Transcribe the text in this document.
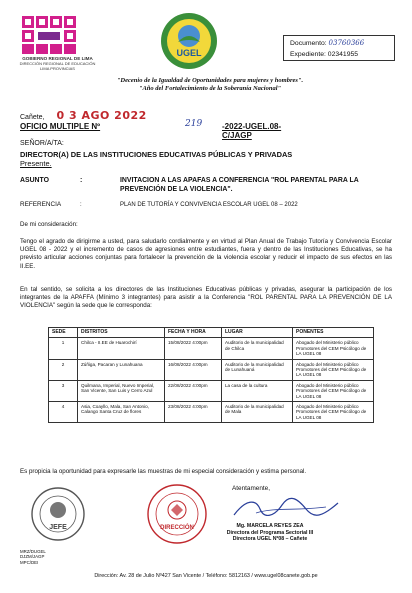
GOBIERNO REGIONAL DE LIMA
DIRECCIÓN REGIONAL DE EDUCACIÓN
LIMA PROVINCIAS
UGEL
Documento: 03760366
Expediente: 02341955
"Decenio de la Igualdad de Oportunidades para mujeres y hombres".
"Año del Fortalecimiento de la Soberanía Nacional"
Cañete, 0 3 AGO 2022
OFICIO MULTIPLE Nº	219 -2022-UGEL.08-C/JAGP
SEÑOR/A/TA:
DIRECTOR(A) DE LAS INSTITUCIONES EDUCATIVAS PÚBLICAS Y PRIVADAS
Presente.
ASUNTO	:	INVITACION A LAS APAFAS A CONFERENCIA "ROL PARENTAL PARA LA PREVENCIÓN DE LA VIOLENCIA".
REFERENCIA	:	PLAN DE TUTORÍA Y CONVIVENCIA ESCOLAR UGEL 08 – 2022
De mi consideración:
Tengo el agrado de dirigirme a usted, para saludarlo cordialmente y en virtud al Plan Anual de Trabajo Tutoría y Convivencia Escolar UGEL 08 - 2022 y el incremento de casos de agresiones entre estudiantes, fuera y dentro de las Instituciones Educativas, se ha previsto articular acciones conjuntas para fortalecer la prevención de la violencia escolar y reducir el impacto de sus efectos en las II.EE.
En tal sentido, se solicita a los directores de las Instituciones Educativas públicas y privadas, asegurar la participación de los integrantes de la APAFFA (Mínimo 3 integrantes) para asistir a la Conferencia "ROL PARENTAL PARA LA PREVENCIÓN DE LA VIOLENCIA" según la sede que le corresponda:
SEDE	DISTRITOS	FECHA Y HORA	LUGAR	PONENTES
1	Chilca - II.EE de Huarochirí	15/08/2022 4:00pm	Auditorio de la municipalidad de Chilca	Abogado del Ministerio público Promotores del CEM Psicólogo de LA UGEL 08
2	Zúñiga, Pacaran y Lunahuana	16/08/2022 4:00pm	Auditorio de la municipalidad de Lunahuaná	Abogado del Ministerio público Promotores del CEM Psicólogo de LA UGEL 08
3	Quilmana, Imperial, Nuevo Imperial, San Vicente, San Luis y Cerro Azul	22/08/2022 4:00pm	La casa de la cultura	Abogado del Ministerio público Promotores del CEM Psicólogo de LA UGEL 08
4	Asia, Coayllo, Mala, San Antonio, Calango Santa Cruz de flores	23/08/2022 4:00pm	Auditorio de la municipalidad de Mala	Abogado del Ministerio público Promotores del CEM Psicólogo de LA UGEL 08
Es propicia la oportunidad para expresarle las muestras de mi especial consideración y estima personal.
Atentamente,
JEFE	DIRECCIÓN	Mg. MARCELA REYES ZEA
Directora del Programa Sectorial III
Directora UGEL Nº08 – Cañete
MRZ/DUGEL
DJZM/JAGP
MPC/DEI
Dirección: Av. 28 de Julio Nº427 San Vicente / Teléfono: 5812163 / www.ugel08canete.gob.pe
